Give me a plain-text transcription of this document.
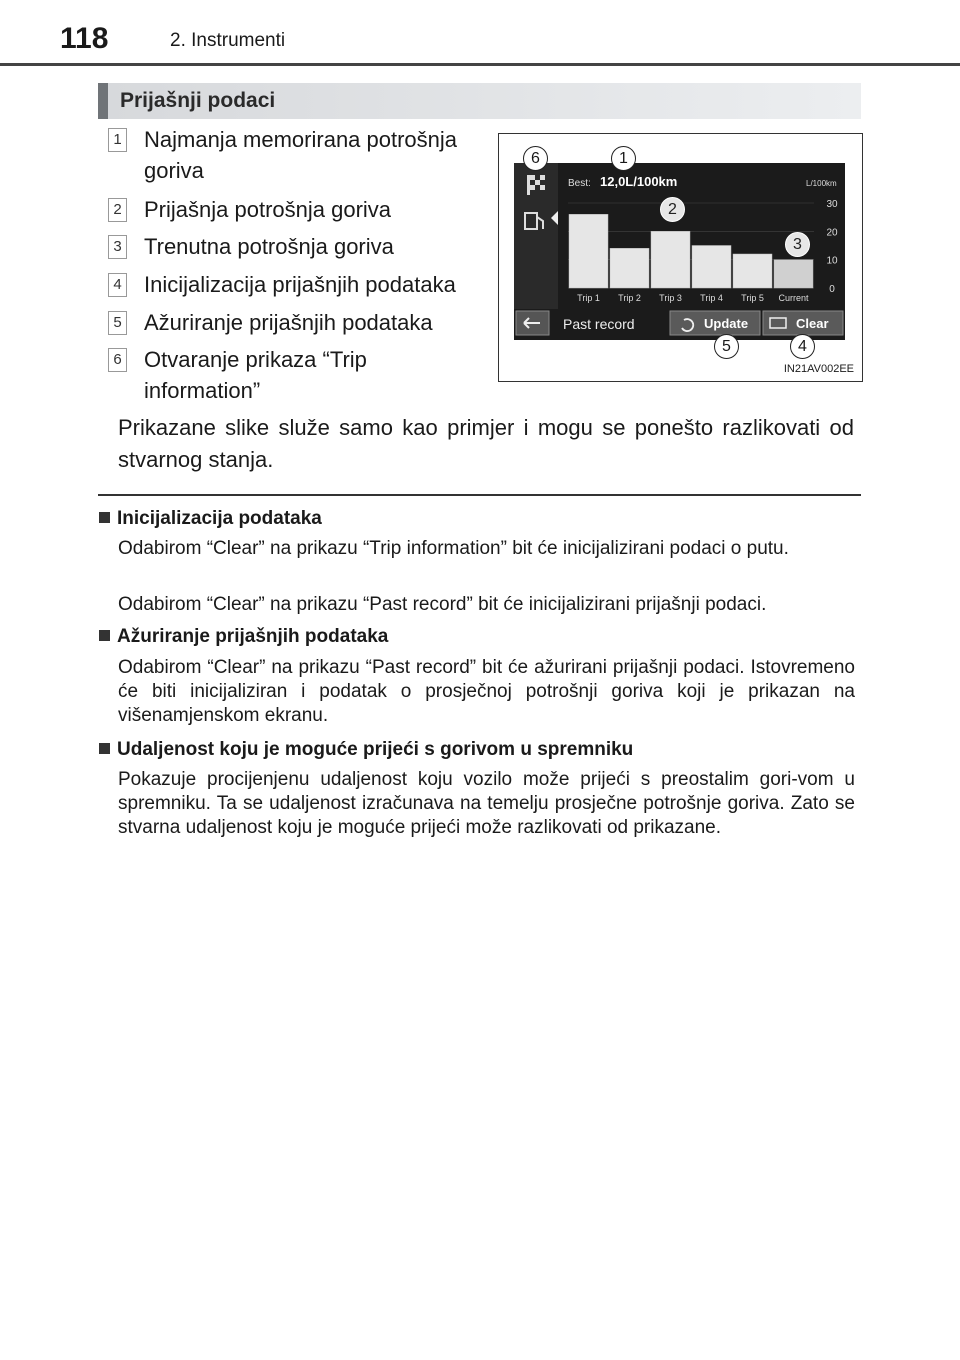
118	2. Instrumenti
Prijašnji podaci
1 Najmanja memorirana potrošnja goriva
2 Prijašnja potrošnja goriva
3 Trenutna potrošnja goriva
4 Inicijalizacija prijašnjih podataka
5 Ažuriranje prijašnjih podataka
6 Otvaranje prikaza “Trip information”
Best: 12,0L/100km	L/100km
30
20
10
0
Trip 1 Trip 2 Trip 3 Trip 4 Trip 5 Current
Past record	Update	Clear
6	1
2
3
5	4
IN21AV002EE
Prikazane slike služe samo kao primjer i mogu se ponešto razlikovati od stvarnog stanja.
Inicijalizacija podataka
Odabirom “Clear” na prikazu “Trip information” bit će inicijalizirani podaci o putu.
Odabirom “Clear” na prikazu “Past record” bit će inicijalizirani prijašnji podaci.
Ažuriranje prijašnjih podataka
Odabirom “Clear” na prikazu “Past record” bit će ažurirani prijašnji podaci. Istovremeno će biti inicijaliziran i podatak o prosječnoj potrošnji goriva koji je prikazan na višenamjenskom ekranu.
Udaljenost koju je moguće prijeći s gorivom u spremniku
Pokazuje procijenjenu udaljenost koju vozilo može prijeći s preostalim gori-vom u spremniku. Ta se udaljenost izračunava na temelju prosječne potrošnje goriva. Zato se stvarna udaljenost koju je moguće prijeći može razlikovati od prikazane.
